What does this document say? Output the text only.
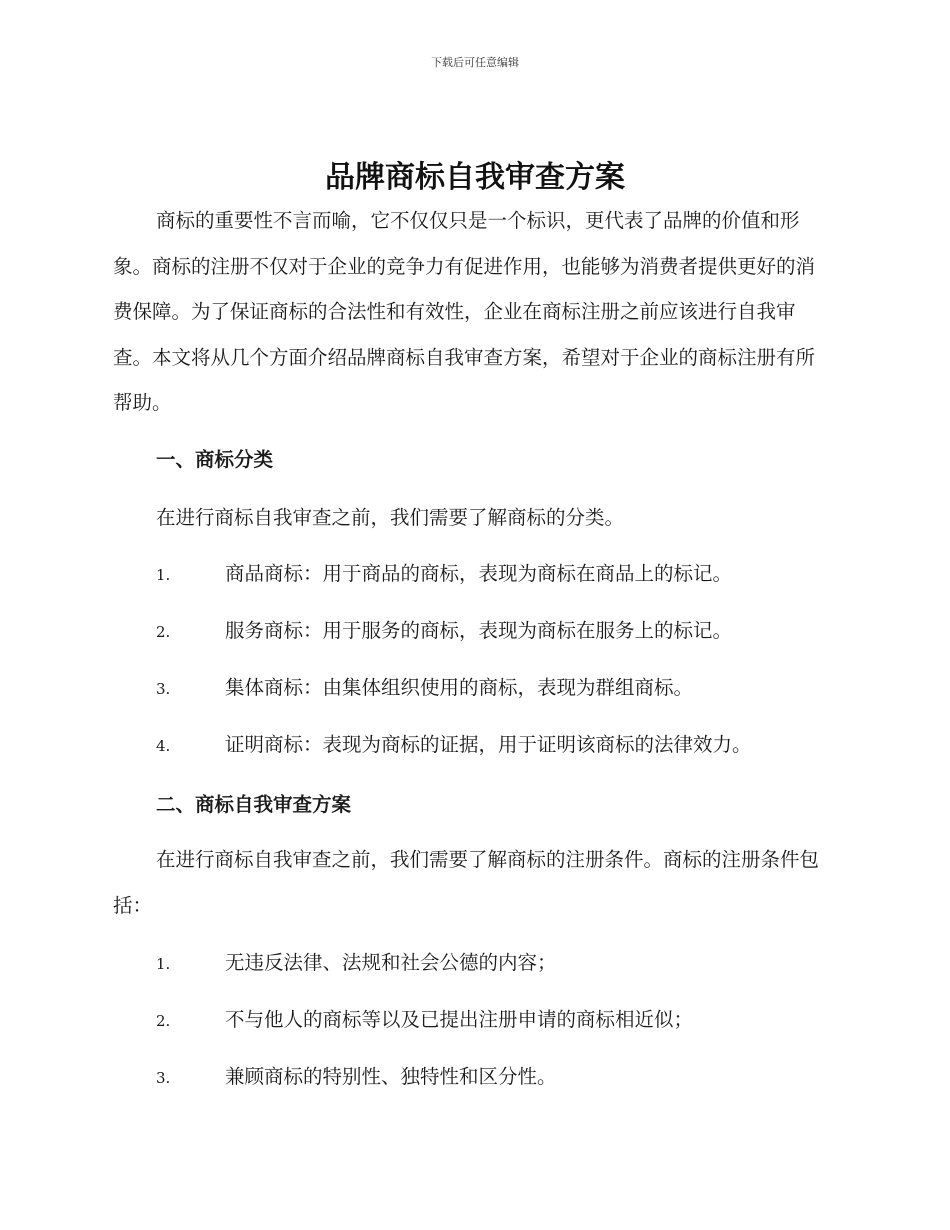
下载后可任意编辑
品牌商标自我审查方案

商标的重要性不言而喻，它不仅仅只是一个标识，更代表了品牌的价值和形象。商标的注册不仅对于企业的竞争力有促进作用，也能够为消费者提供更好的消费保障。为了保证商标的合法性和有效性，企业在商标注册之前应该进行自我审查。本文将从几个方面介绍品牌商标自我审查方案，希望对于企业的商标注册有所帮助。

一、商标分类
在进行商标自我审查之前，我们需要了解商标的分类。
1.	商品商标：用于商品的商标，表现为商标在商品上的标记。
2.	服务商标：用于服务的商标，表现为商标在服务上的标记。
3.	集体商标：由集体组织使用的商标，表现为群组商标。
4.	证明商标：表现为商标的证据，用于证明该商标的法律效力。
二、商标自我审查方案

在进行商标自我审查之前，我们需要了解商标的注册条件。商标的注册条件包括：

1.	无违反法律、法规和社会公德的内容；
2.	不与他人的商标等以及已提出注册申请的商标相近似；
3.	兼顾商标的特别性、独特性和区分性。
